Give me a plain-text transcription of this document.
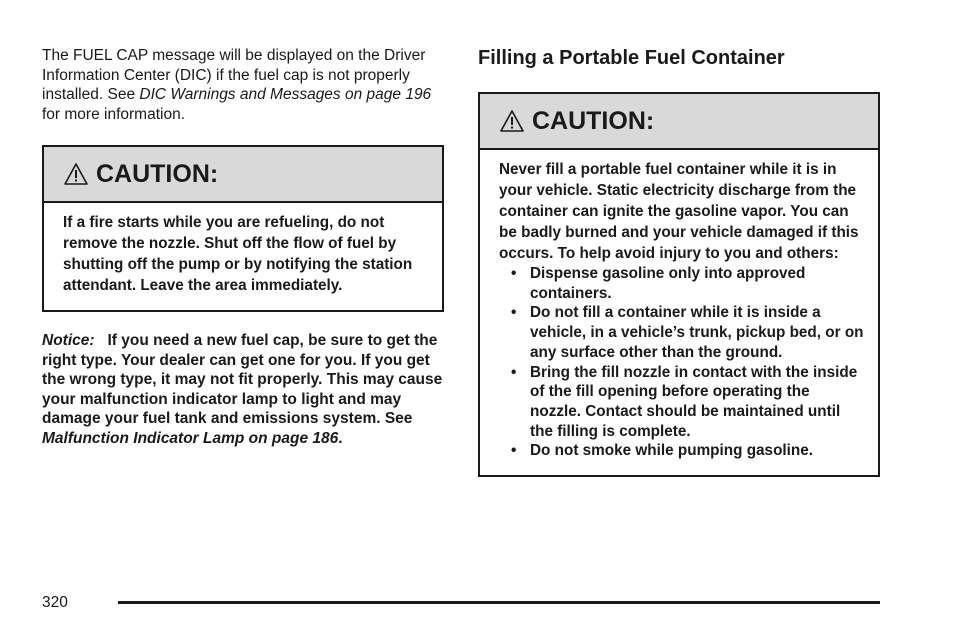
The FUEL CAP message will be displayed on the Driver Information Center (DIC) if the fuel cap is not properly installed. See DIC Warnings and Messages on page 196 for more information.

CAUTION:
If a fire starts while you are refueling, do not remove the nozzle. Shut off the flow of fuel by shutting off the pump or by notifying the station attendant. Leave the area immediately.

Notice: If you need a new fuel cap, be sure to get the right type. Your dealer can get one for you. If you get the wrong type, it may not fit properly. This may cause your malfunction indicator lamp to light and may damage your fuel tank and emissions system. See Malfunction Indicator Lamp on page 186.

Filling a Portable Fuel Container
CAUTION:
Never fill a portable fuel container while it is in your vehicle. Static electricity discharge from the container can ignite the gasoline vapor. You can be badly burned and your vehicle damaged if this occurs. To help avoid injury to you and others:
• Dispense gasoline only into approved containers.
• Do not fill a container while it is inside a vehicle, in a vehicle’s trunk, pickup bed, or on any surface other than the ground.
• Bring the fill nozzle in contact with the inside of the fill opening before operating the nozzle. Contact should be maintained until the filling is complete.
• Do not smoke while pumping gasoline.
320
